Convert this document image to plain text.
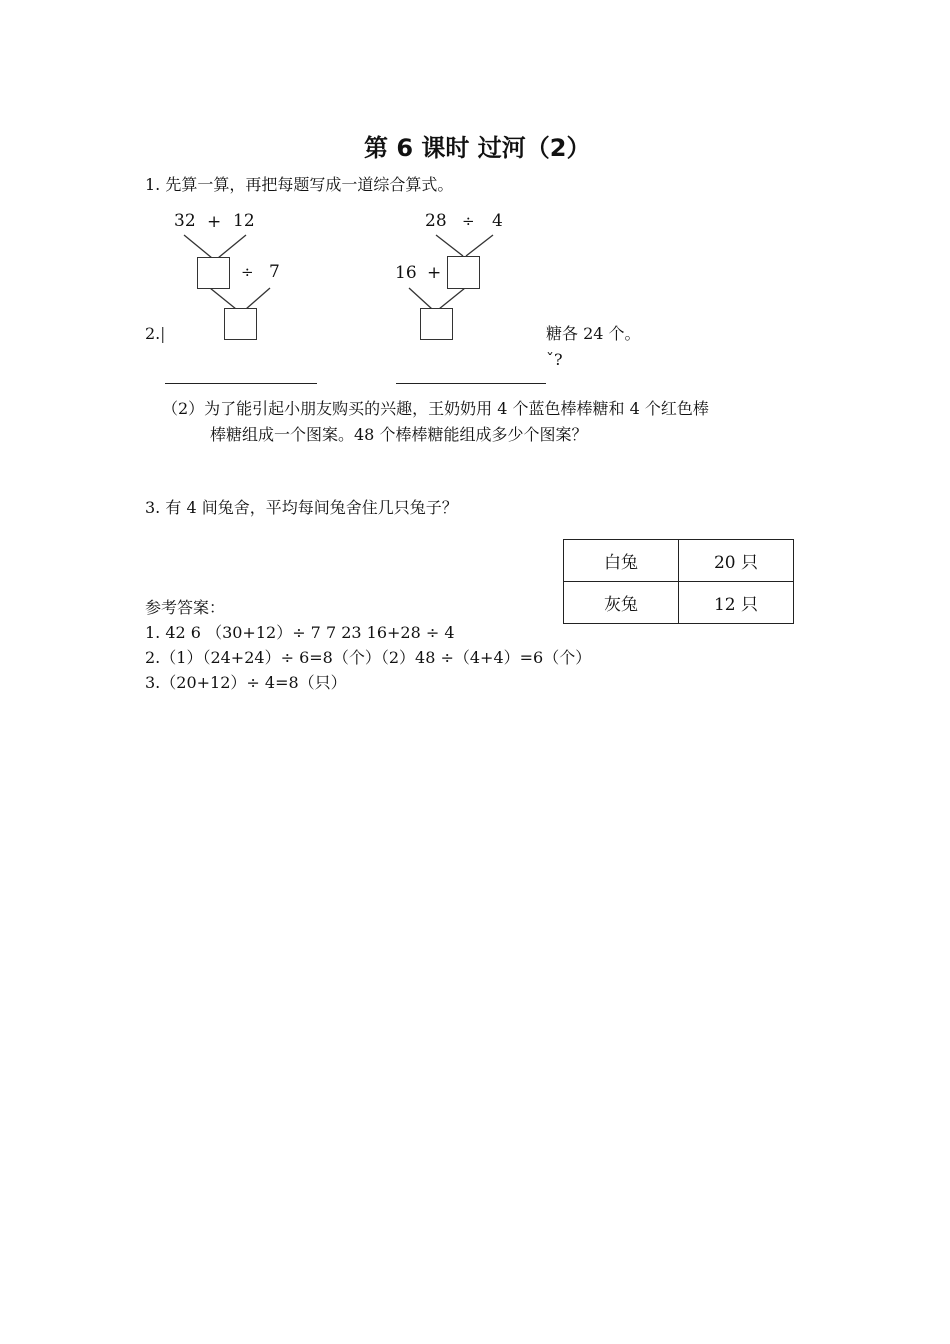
第 6 课时 过河（2）
1. 先算一算，再把每题写成一道综合算式。
32 + 12
÷ 7
28 ÷ 4
16 +
2. |	糖各 24 个。
ˇ?
（2）为了能引起小朋友购买的兴趣，王奶奶用 4 个蓝色棒棒糖和 4 个红色棒
棒糖组成一个图案。48 个棒棒糖能组成多少个图案？
3. 有 4 间兔舍，平均每间兔舍住几只兔子？
白兔	20 只
灰兔	12 只
参考答案：
1. 42 6 （30+12）÷ 7 7 23 16+28 ÷ 4
2.（1）（24+24）÷ 6=8（个）（2）48 ÷（4+4）=6（个）
3.（20+12）÷ 4=8（只）
